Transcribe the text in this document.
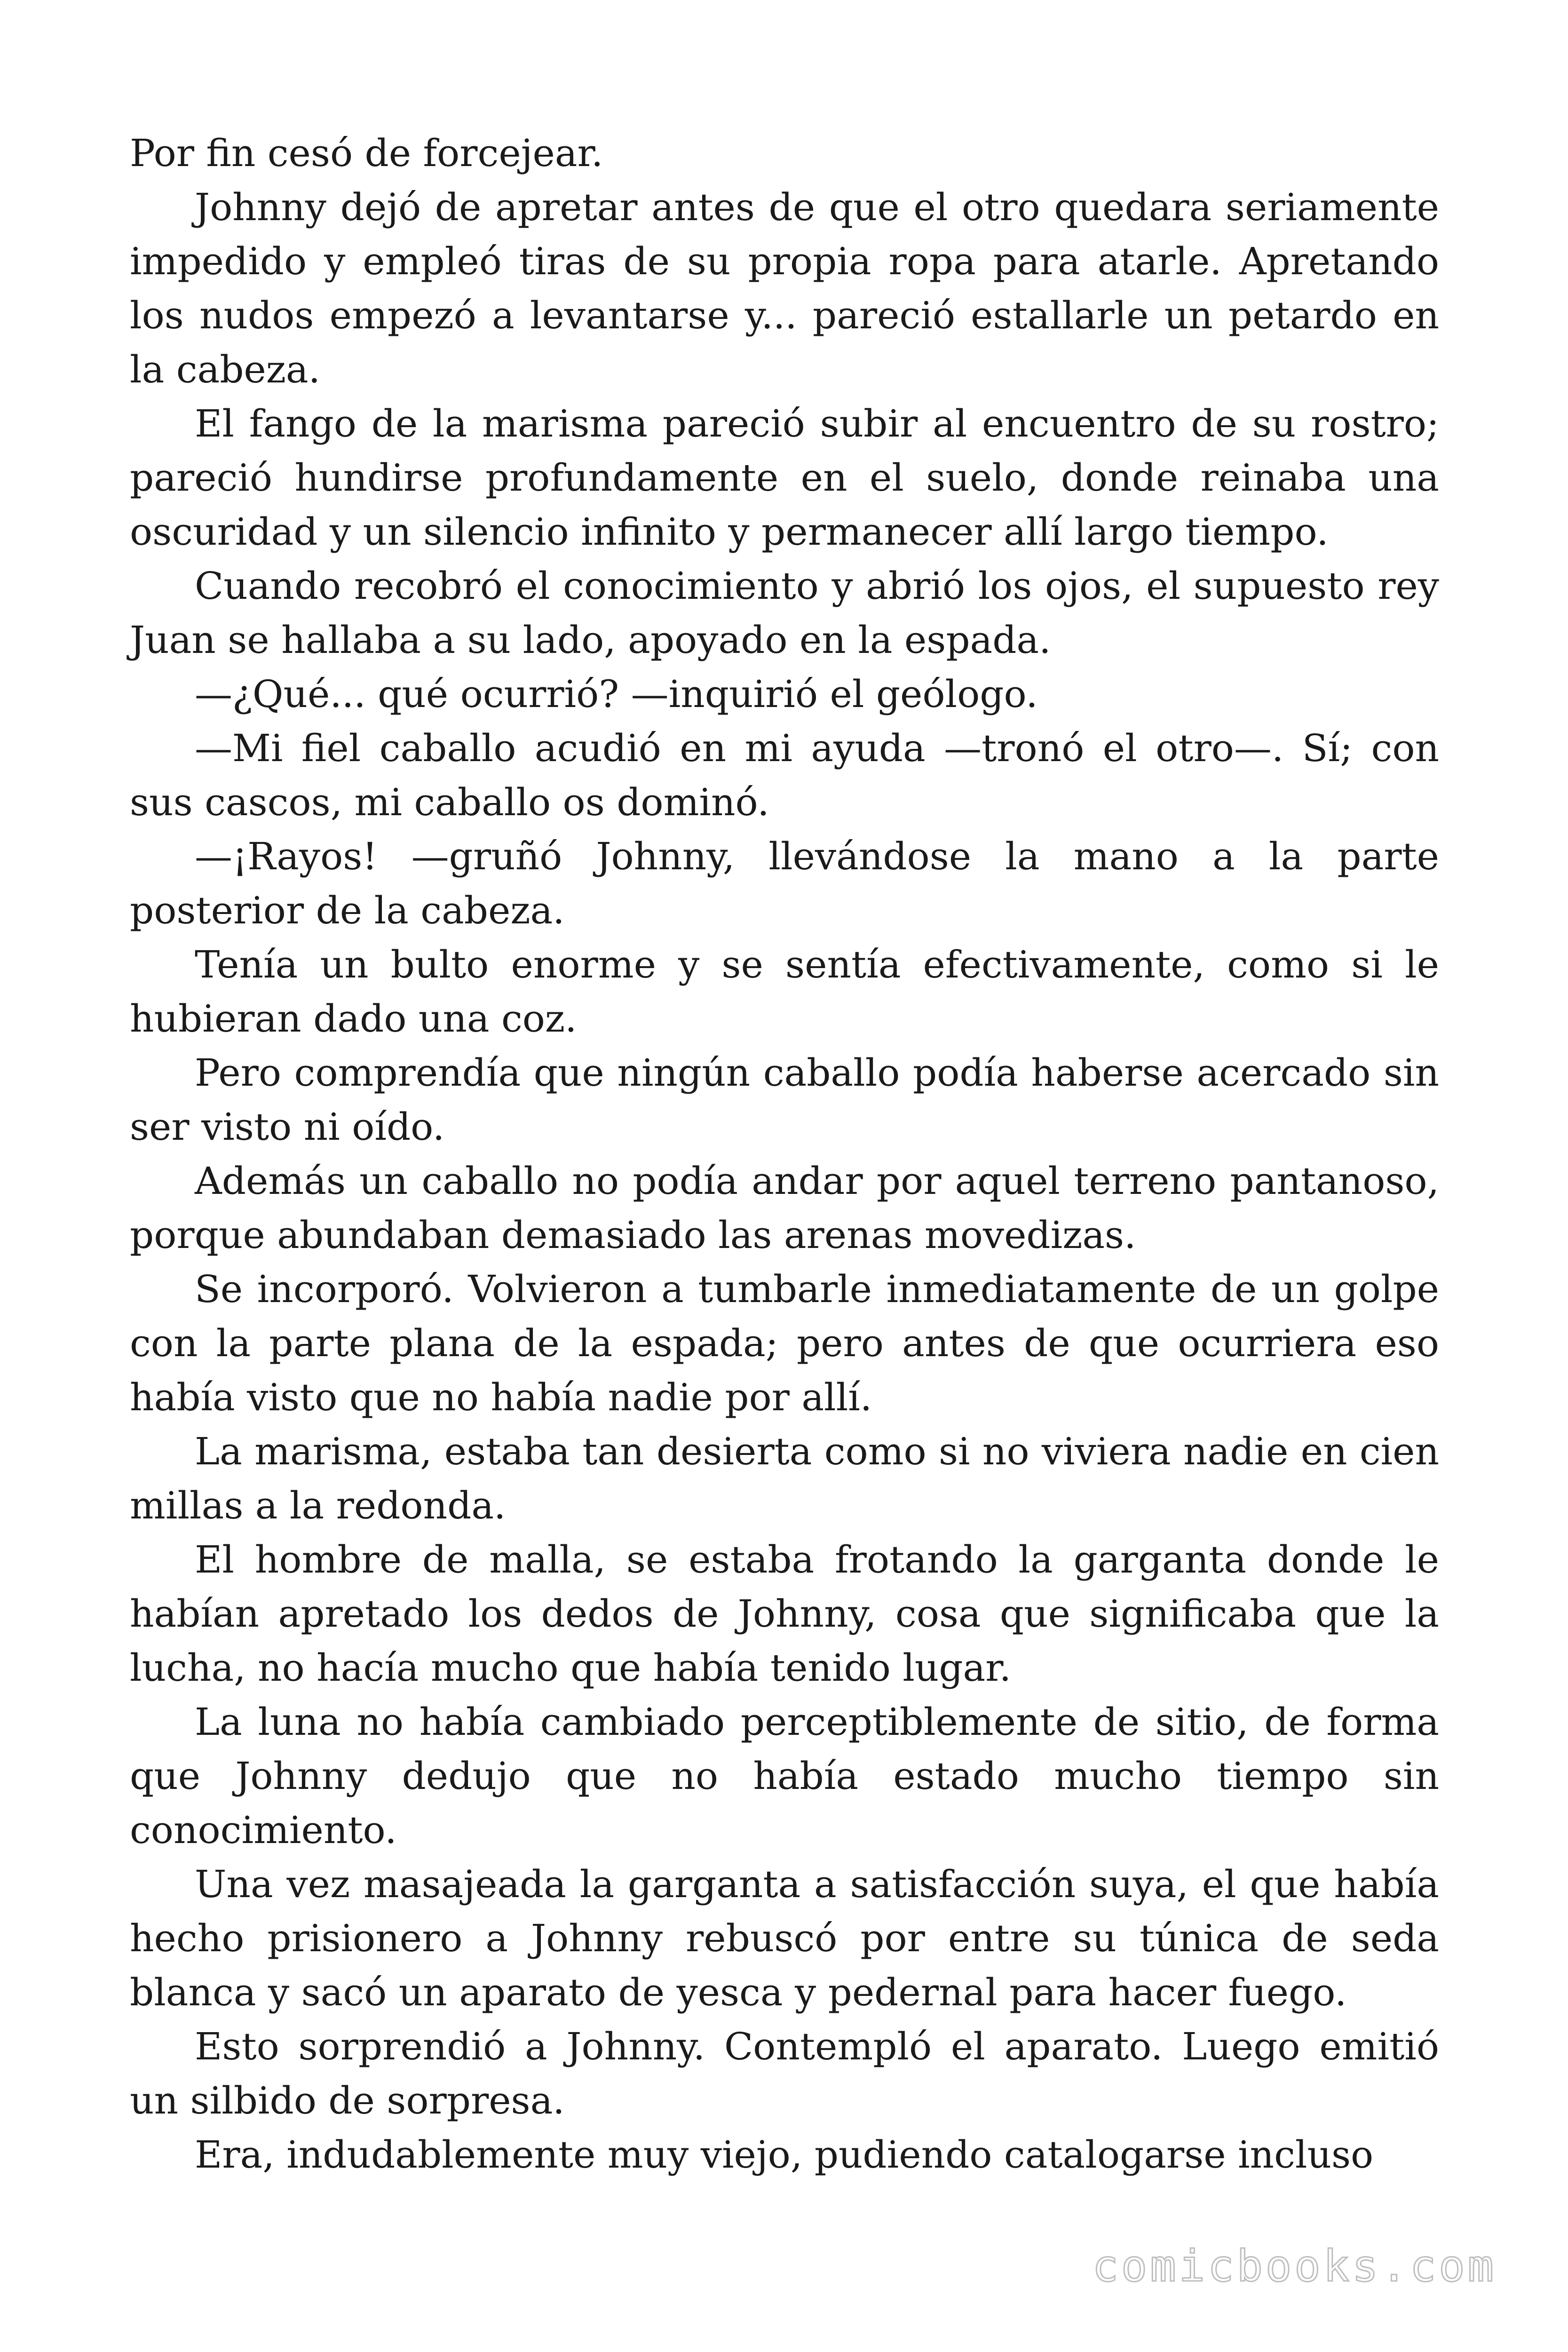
Por fin cesó de forcejear.

Johnny dejó de apretar antes de que el otro quedara seriamente impedido y empleó tiras de su propia ropa para atarle. Apretando los nudos empezó a levantarse y... pareció estallarle un petardo en la cabeza.

El fango de la marisma pareció subir al encuentro de su rostro; pareció hundirse profundamente en el suelo, donde reinaba una oscuridad y un silencio infinito y permanecer allí largo tiempo.

Cuando recobró el conocimiento y abrió los ojos, el supuesto rey Juan se hallaba a su lado, apoyado en la espada.

—¿Qué... qué ocurrió? —inquirió el geólogo.

—Mi fiel caballo acudió en mi ayuda —tronó el otro—. Sí; con sus cascos, mi caballo os dominó.

—¡Rayos! —gruñó Johnny, llevándose la mano a la parte posterior de la cabeza.

Tenía un bulto enorme y se sentía efectivamente, como si le hubieran dado una coz.

Pero comprendía que ningún caballo podía haberse acercado sin ser visto ni oído.

Además un caballo no podía andar por aquel terreno pantanoso, porque abundaban demasiado las arenas movedizas.

Se incorporó. Volvieron a tumbarle inmediatamente de un golpe con la parte plana de la espada; pero antes de que ocurriera eso había visto que no había nadie por allí.

La marisma, estaba tan desierta como si no viviera nadie en cien millas a la redonda.

El hombre de malla, se estaba frotando la garganta donde le habían apretado los dedos de Johnny, cosa que significaba que la lucha, no hacía mucho que había tenido lugar.

La luna no había cambiado perceptiblemente de sitio, de forma que Johnny dedujo que no había estado mucho tiempo sin conocimiento.

Una vez masajeada la garganta a satisfacción suya, el que había hecho prisionero a Johnny rebuscó por entre su túnica de seda blanca y sacó un aparato de yesca y pedernal para hacer fuego.

Esto sorprendió a Johnny. Contempló el aparato. Luego emitió un silbido de sorpresa.

Era, indudablemente muy viejo, pudiendo catalogarse incluso

comicbooks.com
